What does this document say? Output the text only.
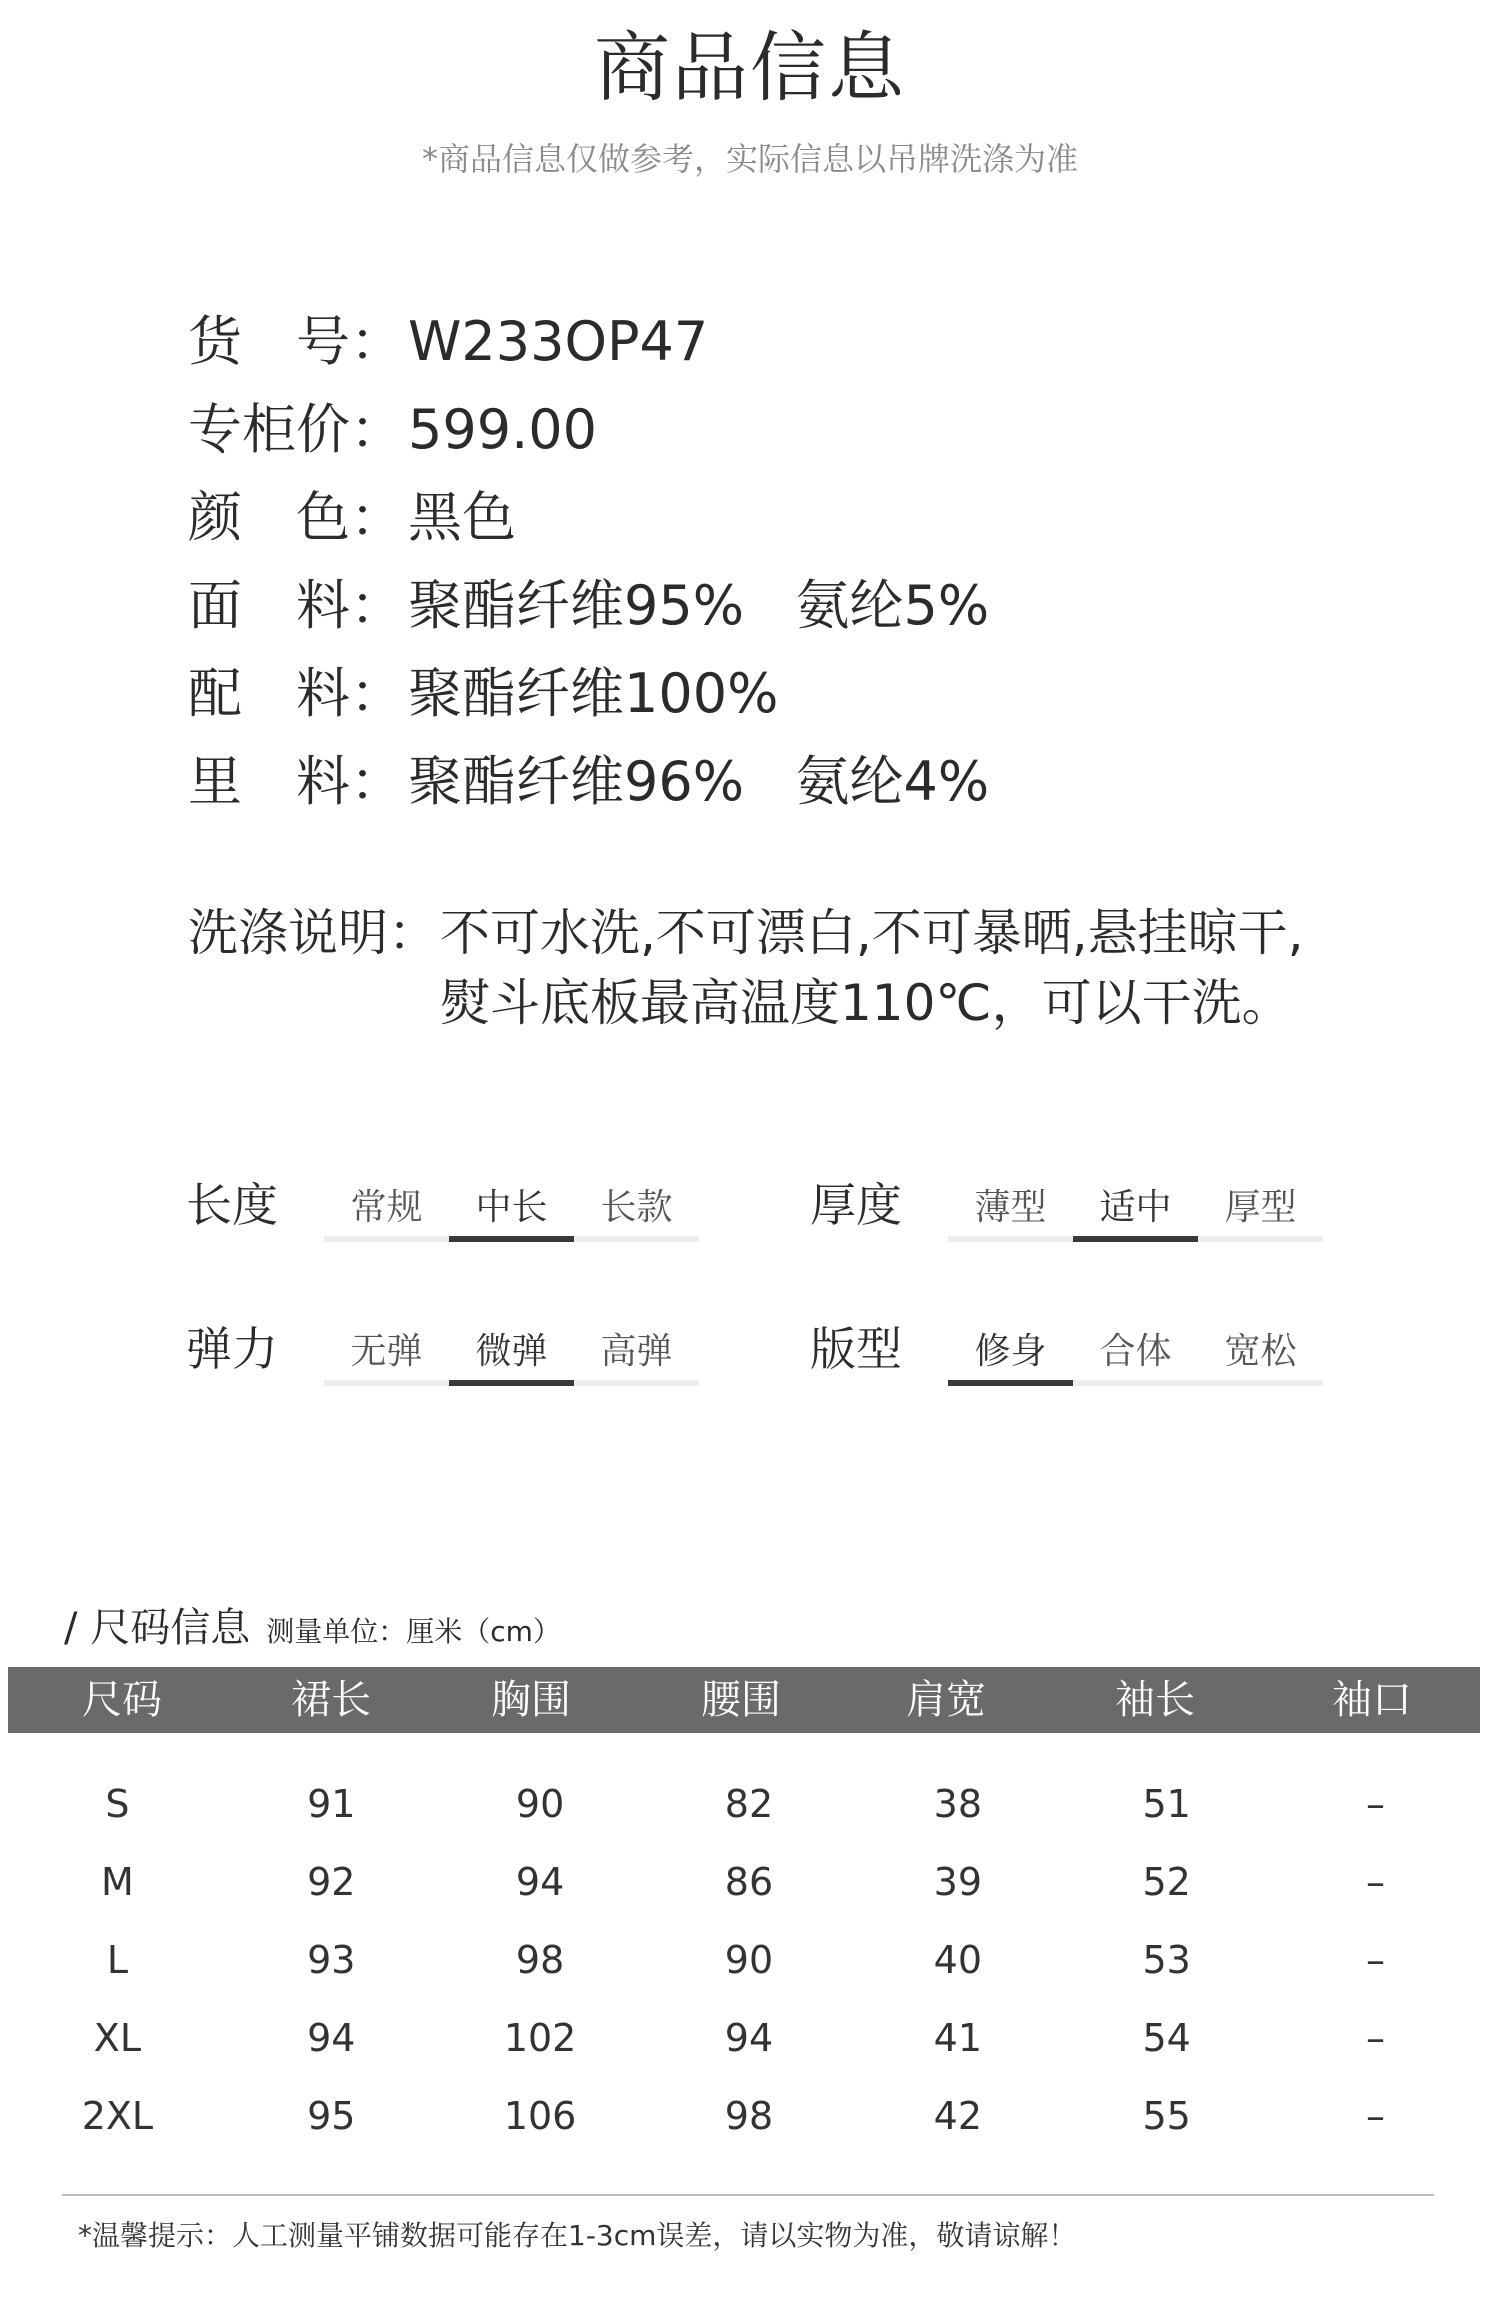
商品信息
*商品信息仅做参考，实际信息以吊牌洗涤为准
货　号： W233OP47
专柜价： 599.00
颜　色： 黑色
面　料： 聚酯纤维95%   氨纶5%
配　料： 聚酯纤维100%
里　料： 聚酯纤维96%   氨纶4%
洗涤说明： 不可水洗,不可漂白,不可暴晒,悬挂晾干,
熨斗底板最高温度110℃，可以干洗。
长度	常规	中长	长款	厚度	薄型	适中	厚型
弹力	无弹	微弹	高弹	版型	修身	合体	宽松
/ 尺码信息 测量单位：厘米（cm）
尺码	裙长	胸围	腰围	肩宽	袖长	袖口
S	91	90	82	38	51	–
M	92	94	86	39	52	–
L	93	98	90	40	53	–
XL	94	102	94	41	54	–
2XL	95	106	98	42	55	–
*温馨提示：人工测量平铺数据可能存在1-3cm误差，请以实物为准，敬请谅解！
